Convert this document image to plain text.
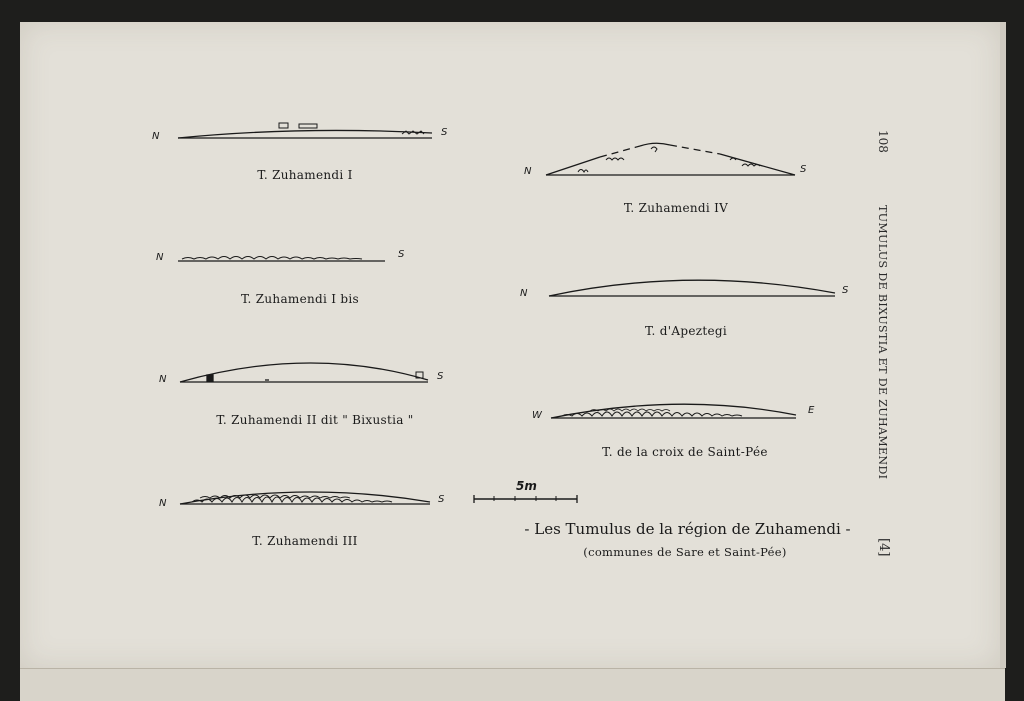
5m
N	S
N	S
N	S
N	S
N	S
N	S
W	E
T. Zuhamendi I
T. Zuhamendi I bis
T. Zuhamendi II dit " Bixustia "
T. Zuhamendi III
T. Zuhamendi IV
T. d'Apeztegi
T. de la croix de Saint-Pée
- Les Tumulus de la région de Zuhamendi -
(communes de Sare et Saint-Pée)
108
TUMULUS DE BIXUSTIA ET DE ZUHAMENDI
[4]
